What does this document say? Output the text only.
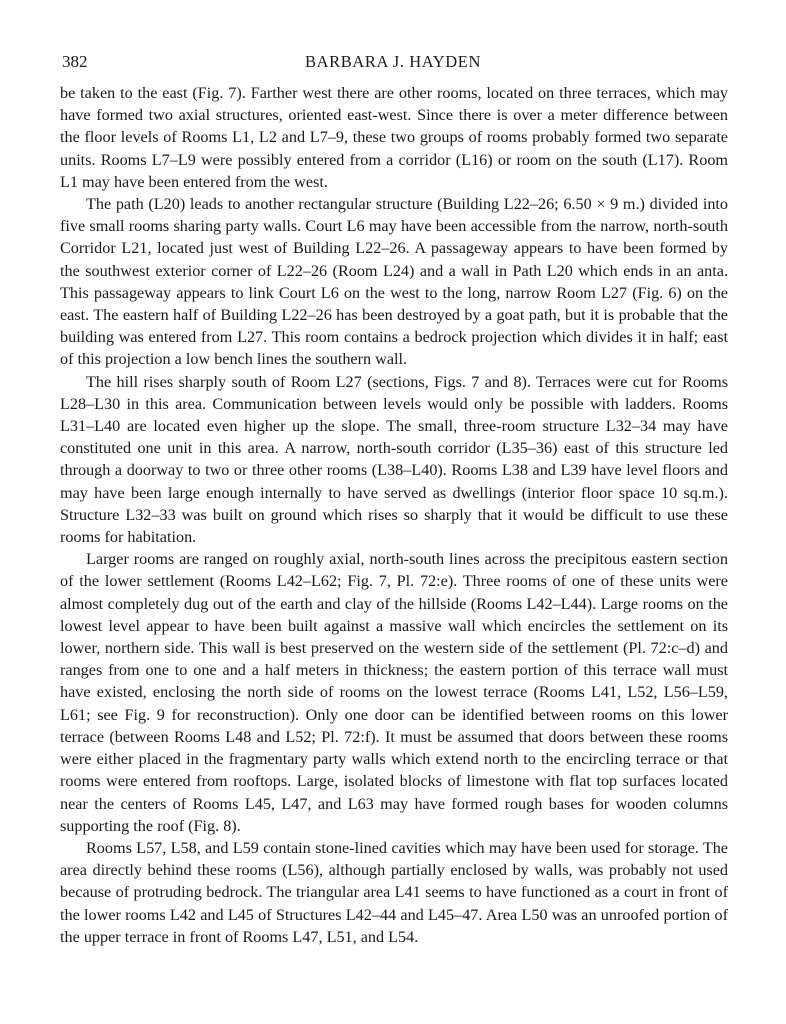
382	BARBARA J. HAYDEN

be taken to the east (Fig. 7). Farther west there are other rooms, located on three terraces, which may have formed two axial structures, oriented east-west. Since there is over a meter difference between the floor levels of Rooms L1, L2 and L7–9, these two groups of rooms probably formed two separate units. Rooms L7–L9 were possibly entered from a corridor (L16) or room on the south (L17). Room L1 may have been entered from the west.

The path (L20) leads to another rectangular structure (Building L22–26; 6.50 × 9 m.) divided into five small rooms sharing party walls. Court L6 may have been accessible from the narrow, north-south Corridor L21, located just west of Building L22–26. A passageway appears to have been formed by the southwest exterior corner of L22–26 (Room L24) and a wall in Path L20 which ends in an anta. This passageway appears to link Court L6 on the west to the long, narrow Room L27 (Fig. 6) on the east. The eastern half of Building L22–26 has been destroyed by a goat path, but it is probable that the building was entered from L27. This room contains a bedrock projection which divides it in half; east of this projection a low bench lines the southern wall.

The hill rises sharply south of Room L27 (sections, Figs. 7 and 8). Terraces were cut for Rooms L28–L30 in this area. Communication between levels would only be possible with ladders. Rooms L31–L40 are located even higher up the slope. The small, three-room structure L32–34 may have constituted one unit in this area. A narrow, north-south corridor (L35–36) east of this structure led through a doorway to two or three other rooms (L38–L40). Rooms L38 and L39 have level floors and may have been large enough internally to have served as dwellings (interior floor space 10 sq.m.). Structure L32–33 was built on ground which rises so sharply that it would be difficult to use these rooms for habitation.

Larger rooms are ranged on roughly axial, north-south lines across the precipitous eastern section of the lower settlement (Rooms L42–L62; Fig. 7, Pl. 72:e). Three rooms of one of these units were almost completely dug out of the earth and clay of the hillside (Rooms L42–L44). Large rooms on the lowest level appear to have been built against a massive wall which encircles the settlement on its lower, northern side. This wall is best preserved on the western side of the settlement (Pl. 72:c–d) and ranges from one to one and a half meters in thickness; the eastern portion of this terrace wall must have existed, enclosing the north side of rooms on the lowest terrace (Rooms L41, L52, L56–L59, L61; see Fig. 9 for reconstruction). Only one door can be identified between rooms on this lower terrace (between Rooms L48 and L52; Pl. 72:f). It must be assumed that doors between these rooms were either placed in the fragmentary party walls which extend north to the encircling terrace or that rooms were entered from rooftops. Large, isolated blocks of limestone with flat top surfaces located near the centers of Rooms L45, L47, and L63 may have formed rough bases for wooden columns supporting the roof (Fig. 8).

Rooms L57, L58, and L59 contain stone-lined cavities which may have been used for storage. The area directly behind these rooms (L56), although partially enclosed by walls, was probably not used because of protruding bedrock. The triangular area L41 seems to have functioned as a court in front of the lower rooms L42 and L45 of Structures L42–44 and L45–47. Area L50 was an unroofed portion of the upper terrace in front of Rooms L47, L51, and L54.
